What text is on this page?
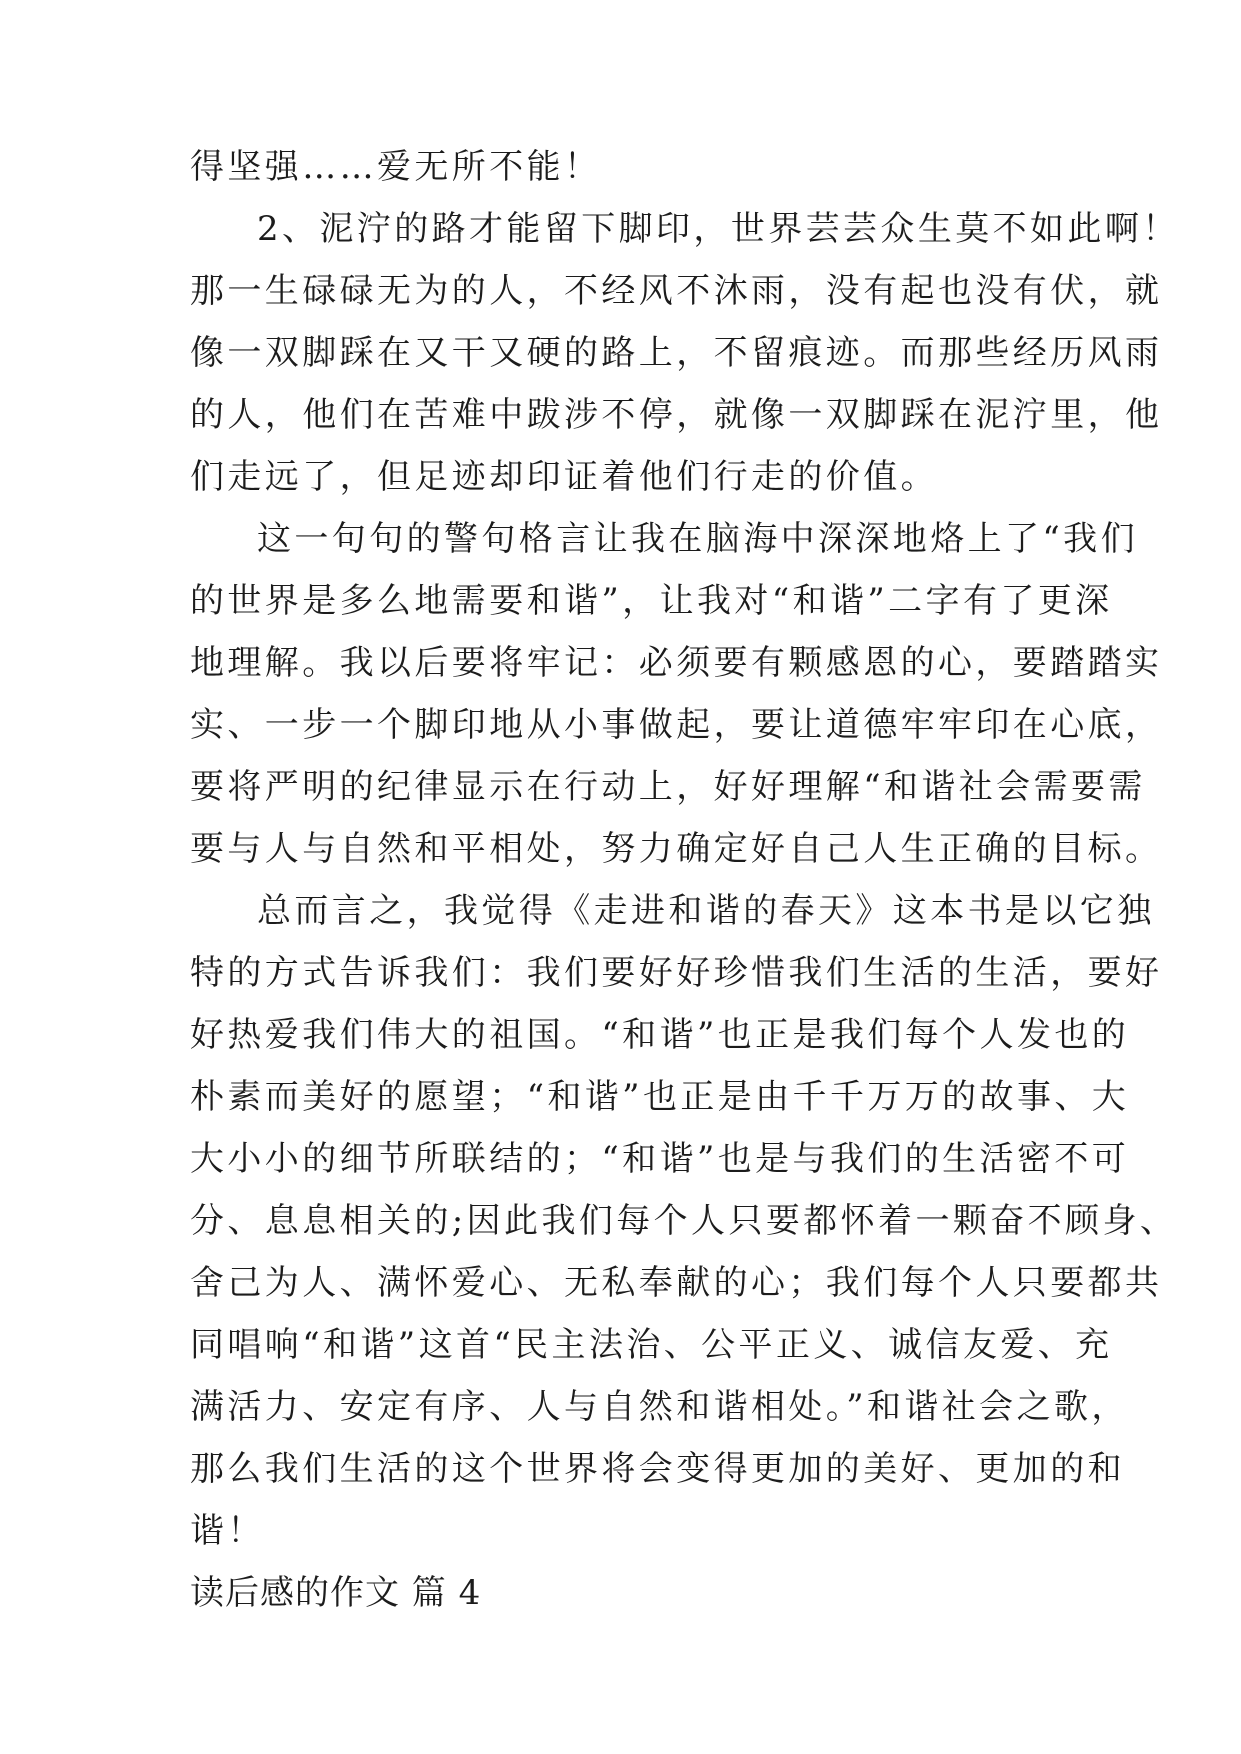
得坚强……爱无所不能！
2、泥泞的路才能留下脚印，世界芸芸众生莫不如此啊！
那一生碌碌无为的人，不经风不沐雨，没有起也没有伏，就
像一双脚踩在又干又硬的路上，不留痕迹。而那些经历风雨
的人，他们在苦难中跋涉不停，就像一双脚踩在泥泞里，他
们走远了，但足迹却印证着他们行走的价值。
这一句句的警句格言让我在脑海中深深地烙上了“我们
的世界是多么地需要和谐”，让我对“和谐”二字有了更深
地理解。我以后要将牢记：必须要有颗感恩的心，要踏踏实
实、一步一个脚印地从小事做起，要让道德牢牢印在心底，
要将严明的纪律显示在行动上，好好理解“和谐社会需要需
要与人与自然和平相处，努力确定好自己人生正确的目标。
总而言之，我觉得《走进和谐的春天》这本书是以它独
特的方式告诉我们：我们要好好珍惜我们生活的生活，要好
好热爱我们伟大的祖国。“和谐”也正是我们每个人发也的
朴素而美好的愿望；“和谐”也正是由千千万万的故事、大
大小小的细节所联结的；“和谐”也是与我们的生活密不可
分、息息相关的;因此我们每个人只要都怀着一颗奋不顾身、
舍己为人、满怀爱心、无私奉献的心；我们每个人只要都共
同唱响“和谐”这首“民主法治、公平正义、诚信友爱、充
满活力、安定有序、人与自然和谐相处。”和谐社会之歌，
那么我们生活的这个世界将会变得更加的美好、更加的和
谐！
读后感的作文 篇 4
